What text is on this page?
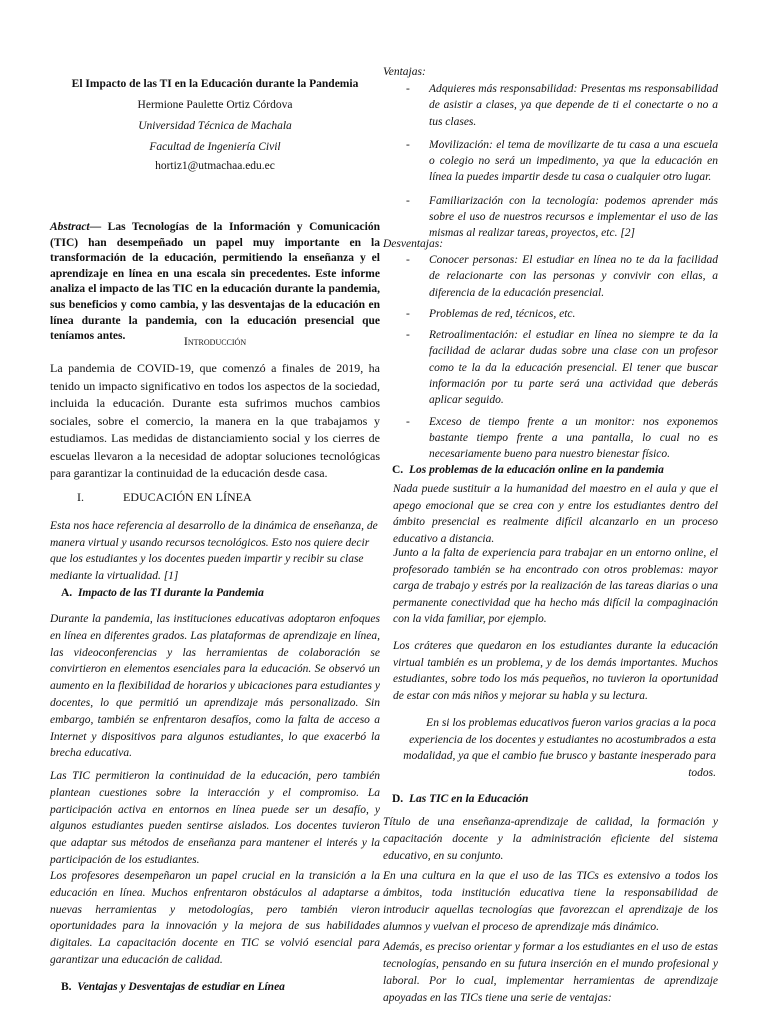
El Impacto de las TI en la Educación durante la Pandemia
Hermione Paulette Ortiz Córdova
Universidad Técnica de Machala
Facultad de Ingeniería Civil
hortiz1@utmachaa.edu.ec

Abstract— Las Tecnologías de la Información y Comunicación (TIC) han desempeñado un papel muy importante en la transformación de la educación, permitiendo la enseñanza y el aprendizaje en línea en una escala sin precedentes. Este informe analiza el impacto de las TIC en la educación durante la pandemia, sus beneficios y como cambia, y las desventajas de la educación en línea durante la pandemia, con la educación presencial que teníamos antes.	Introducción

La pandemia de COVID-19, que comenzó a finales de 2019, ha tenido un impacto significativo en todos los aspectos de la sociedad, incluida la educación. Durante esta sufrimos muchos cambios sociales, sobre el comercio, la manera en la que trabajamos y estudiamos. Las medidas de distanciamiento social y los cierres de escuelas llevaron a la necesidad de adoptar soluciones tecnológicas para garantizar la continuidad de la educación desde casa.

I.	EDUCACIÓN EN LÍNEA

Esta nos hace referencia al desarrollo de la dinámica de enseñanza, de manera virtual y usando recursos tecnológicos. Esto nos quiere decir que los estudiantes y los docentes pueden impartir y recibir su clase mediante la virtualidad. [1]

A. Impacto de las TI durante la Pandemia

Durante la pandemia, las instituciones educativas adoptaron enfoques en línea en diferentes grados. Las plataformas de aprendizaje en línea, las videoconferencias y las herramientas de colaboración se convirtieron en elementos esenciales para la educación. Se observó un aumento en la flexibilidad de horarios y ubicaciones para estudiantes y docentes, lo que permitió un aprendizaje más personalizado. Sin embargo, también se enfrentaron desafíos, como la falta de acceso a Internet y dispositivos para algunos estudiantes, lo que exacerbó la brecha educativa.

Las TIC permitieron la continuidad de la educación, pero también plantean cuestiones sobre la interacción y el compromiso. La participación activa en entornos en línea puede ser un desafío, y algunos estudiantes pueden sentirse aislados. Los docentes tuvieron que adaptar sus métodos de enseñanza para mantener el interés y la participación de los estudiantes.

Los profesores desempeñaron un papel crucial en la transición a la educación en línea. Muchos enfrentaron obstáculos al adaptarse a nuevas herramientas y metodologías, pero también vieron oportunidades para la innovación y la mejora de sus habilidades digitales. La capacitación docente en TIC se volvió esencial para garantizar una educación de calidad.

B. Ventajas y Desventajas de estudiar en Línea
Ventajas:
- Adquieres más responsabilidad: Presentas ms responsabilidad de asistir a clases, ya que depende de ti el conectarte o no a tus clases.
- Movilización: el tema de movilizarte de tu casa a una escuela o colegio no será un impedimento, ya que la educación en línea la puedes impartir desde tu casa o cualquier otro lugar.
- Familiarización con la tecnología: podemos aprender más sobre el uso de nuestros recursos e implementar el uso de las mismas al realizar tareas, proyectos, etc. [2]
Desventajas:
- Conocer personas: El estudiar en línea no te da la facilidad de relacionarte con las personas y convivir con ellas, a diferencia de la educación presencial.
- Problemas de red, técnicos, etc.
- Retroalimentación: el estudiar en línea no siempre te da la facilidad de aclarar dudas sobre una clase con un profesor como te la da la educación presencial. El tener que buscar información por tu parte será una actividad que deberás aplicar seguido.
- Exceso de tiempo frente a un monitor: nos exponemos bastante tiempo frente a una pantalla, lo cual no es necesariamente bueno para nuestro bienestar físico.
C. Los problemas de la educación online en la pandemia

Nada puede sustituir a la humanidad del maestro en el aula y que el apego emocional que se crea con y entre los estudiantes dentro del ámbito presencial es realmente difícil alcanzarlo en un proceso educativo a distancia.

Junto a la falta de experiencia para trabajar en un entorno online, el profesorado también se ha encontrado con otros problemas: mayor carga de trabajo y estrés por la realización de las tareas diarias o una permanente conectividad que ha hecho más difícil la compaginación con la vida familiar, por ejemplo.

Los cráteres que quedaron en los estudiantes durante la educación virtual también es un problema, y de los demás importantes. Muchos estudiantes, sobre todo los más pequeños, no tuvieron la oportunidad de estar con más niños y mejorar su habla y su lectura.

En si los problemas educativos fueron varios gracias a la poca experiencia de los docentes y estudiantes no acostumbrados a esta modalidad, ya que el cambio fue brusco y bastante inesperado para todos.

D. Las TIC en la Educación

Título de una enseñanza-aprendizaje de calidad, la formación y capacitación docente y la administración eficiente del sistema educativo, en su conjunto.

En una cultura en la que el uso de las TICs es extensivo a todos los ámbitos, toda institución educativa tiene la responsabilidad de introducir aquellas tecnologías que favorezcan el aprendizaje de los alumnos y vuelvan el proceso de aprendizaje más dinámico.

Además, es preciso orientar y formar a los estudiantes en el uso de estas tecnologías, pensando en su futura inserción en el mundo profesional y laboral. Por lo cual, implementar herramientas de aprendizaje apoyadas en las TICs tiene una serie de ventajas:
